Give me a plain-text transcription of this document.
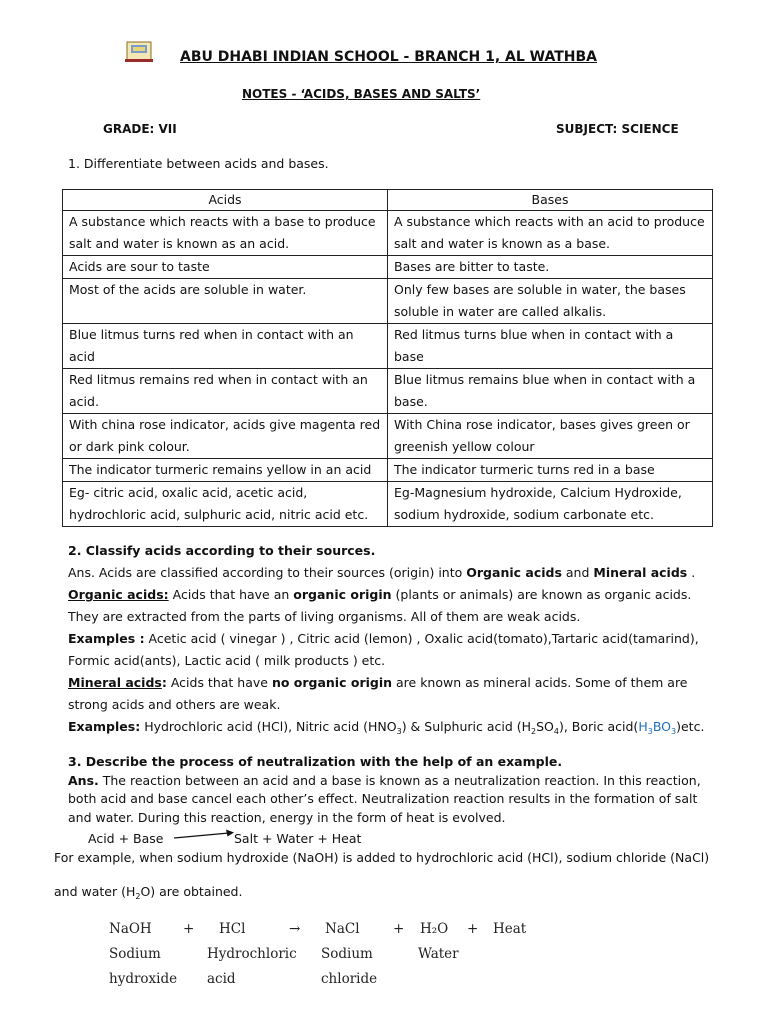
ABU DHABI INDIAN SCHOOL - BRANCH 1, AL WATHBA
NOTES - ‘ACIDS, BASES AND SALTS’
GRADE: VII	SUBJECT: SCIENCE
1. Differentiate between acids and bases.
Acids	Bases
A substance which reacts with a base to produce salt and water is known as an acid.	A substance which reacts with an acid to produce salt and water is known as a base.
Acids are sour to taste	Bases are bitter to taste.
Most of the acids are soluble in water.	Only few bases are soluble in water, the bases soluble in water are called alkalis.
Blue litmus turns red when in contact with an acid	Red litmus turns blue when in contact with a base
Red litmus remains red when in contact with an acid.	Blue litmus remains blue when in contact with a base.
With china rose indicator, acids give magenta red or dark pink colour.	With China rose indicator, bases gives green or greenish yellow colour
The indicator turmeric remains yellow in an acid	The indicator turmeric turns red in a base
Eg- citric acid, oxalic acid, acetic acid, hydrochloric acid, sulphuric acid, nitric acid etc.	Eg-Magnesium hydroxide, Calcium Hydroxide, sodium hydroxide, sodium carbonate etc.

2. Classify acids according to their sources.

Ans. Acids are classified according to their sources (origin) into Organic acids and Mineral acids .

Organic acids: Acids that have an organic origin (plants or animals) are known as organic acids. They are extracted from the parts of living organisms. All of them are weak acids.

Examples : Acetic acid ( vinegar ) , Citric acid (lemon) , Oxalic acid(tomato),Tartaric acid(tamarind), Formic acid(ants), Lactic acid ( milk products ) etc.

Mineral acids: Acids that have no organic origin are known as mineral acids. Some of them are strong acids and others are weak.

Examples: Hydrochloric acid (HCl), Nitric acid $(HNO_3)$ & Sulphuric acid $(H_2SO_4)$, Boric $acid(H_3BO_3)etc$.

3. Describe the process of neutralization with the help of an example.

Ans. The reaction between an acid and a base is known as a neutralization reaction. In this reaction, both acid and base cancel each other’s effect. Neutralization reaction results in the formation of salt and water. During this reaction, energy in the form of heat is evolved.

Acid + Base	Salt + Water + Heat
For example, when sodium hydroxide (NaOH) is added to hydrochloric acid (HCl), sodium chloride (NaCl)
and water $(H_2O)$ are obtained.
NaOH + HCl	→ NaCl + H₂O + Heat
Sodium	Hydrochloric Sodium	Water
hydroxide acid	chloride
